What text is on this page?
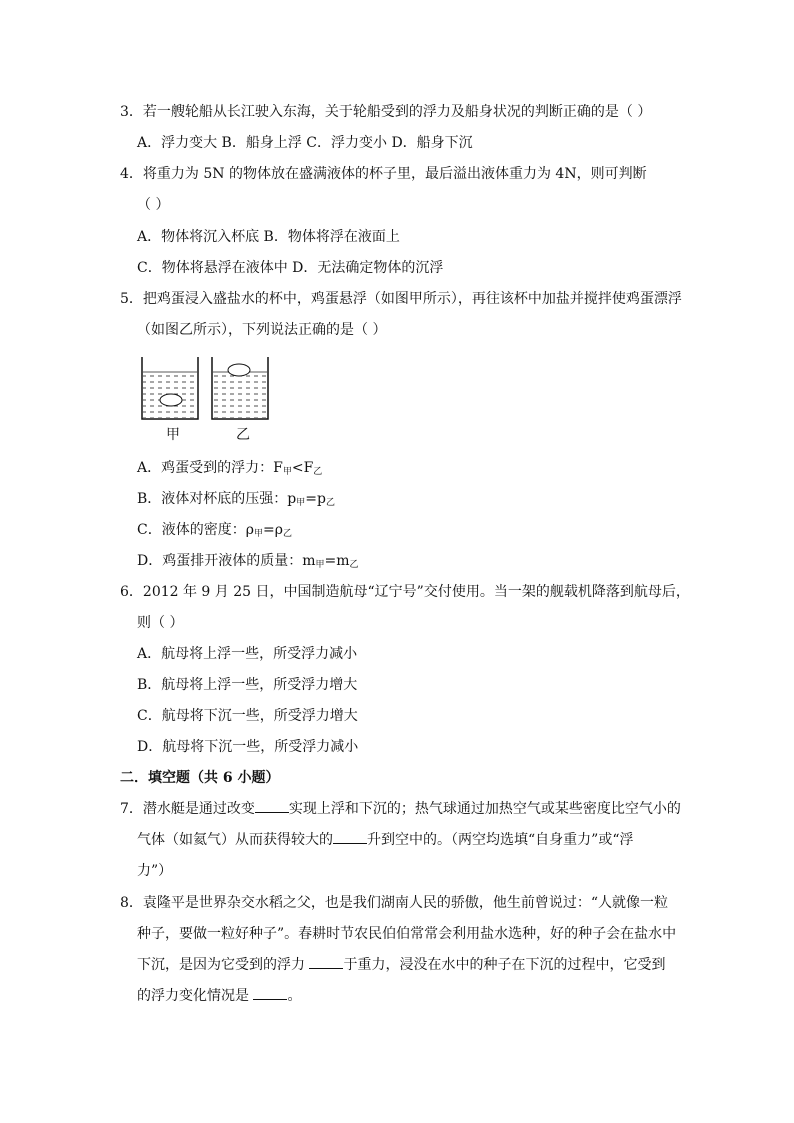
3．若一艘轮船从长江驶入东海，关于轮船受到的浮力及船身状况的判断正确的是（ ）
A．浮力变大 B．船身上浮 C．浮力变小 D．船身下沉
4．将重力为 5N 的物体放在盛满液体的杯子里，最后溢出液体重力为 4N，则可判断
（ ）
A．物体将沉入杯底 B．物体将浮在液面上
C．物体将悬浮在液体中 D．无法确定物体的沉浮
5．把鸡蛋浸入盛盐水的杯中，鸡蛋悬浮（如图甲所示），再往该杯中加盐并搅拌使鸡蛋漂浮
（如图乙所示），下列说法正确的是（ ）
甲	乙
A．鸡蛋受到的浮力：$F_甲<F_乙$
B．液体对杯底的压强：$p_甲=p_乙$
C．液体的密度：$\rho_甲=\rho_乙$
D．鸡蛋排开液体的质量：$m_甲=m_乙$
6．2012 年 9 月 25 日，中国制造航母“辽宁号”交付使用。当一架的舰载机降落到航母后，
则（ ）
A．航母将上浮一些，所受浮力减小
B．航母将上浮一些，所受浮力增大
C．航母将下沉一些，所受浮力增大
D．航母将下沉一些，所受浮力减小
二．填空题（共 6 小题）
7．潜水艇是通过改变 实现上浮和下沉的；热气球通过加热空气或某些密度比空气小的
气体（如氦气）从而获得较大的 升到空中的。（两空均选填“自身重力”或“浮
力”）
8．袁隆平是世界杂交水稻之父，也是我们湖南人民的骄傲，他生前曾说过：“人就像一粒
种子，要做一粒好种子”。春耕时节农民伯伯常常会利用盐水选种，好的种子会在盐水中
下沉，是因为它受到的浮力 于重力，浸没在水中的种子在下沉的过程中，它受到
的浮力变化情况是 。
